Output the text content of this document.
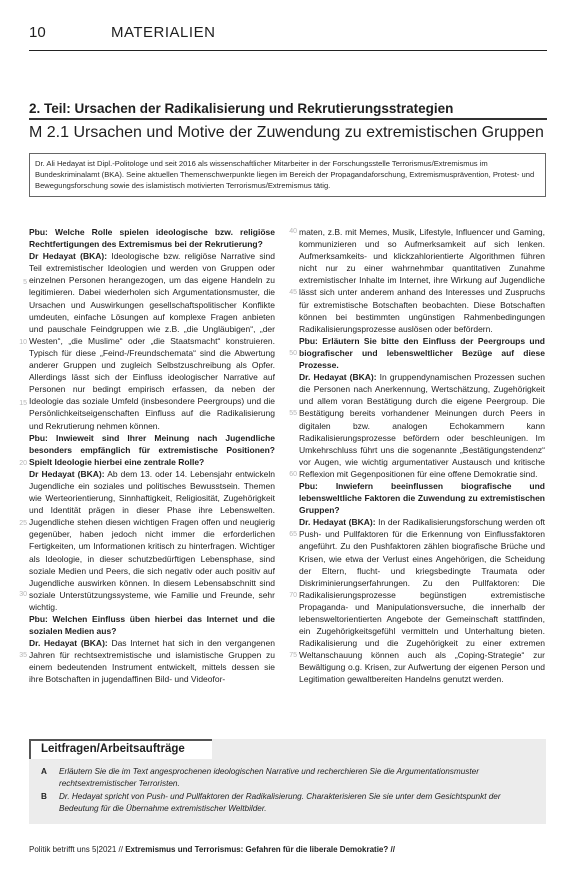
10	MATERIALIEN
2. Teil: Ursachen der Radikalisierung und Rekrutierungsstrategien
M 2.1 Ursachen und Motive der Zuwendung zu extremistischen Gruppen
Dr. Ali Hedayat ist Dipl.-Politologe und seit 2016 als wissenschaftlicher Mitarbeiter in der Forschungsstelle Terrorismus/Extremismus im Bundeskriminalamt (BKA). Seine aktuellen Themenschwerpunkte liegen im Bereich der Propagandaforschung, Extremismusprävention, Protest- und Bewegungsforschung sowie des islamistisch motivierten Terrorismus/Extremismus tätig.

Pbu: Welche Rolle spielen ideologische bzw. religiöse Rechtfertigungen des Extremismus bei der Rekrutierung?

Dr Hedayat (BKA): Ideologische bzw. religiöse Narrative sind Teil extremistischer Ideologien und werden von Gruppen oder einzelnen Personen herangezogen, um das eigene Handeln zu legitimieren. Dabei wiederholen sich Argumentationsmuster, die Ursachen und Auswirkungen gesellschaftspolitischer Konflikte umdeuten, einfache Lösungen auf komplexe Fragen anbieten und pauschale Feindgruppen wie z.B. „die Ungläubigen“, „der Westen“, „die Muslime“ oder „die Staatsmacht“ konstruieren. Typisch für diese „Feind-/Freundschemata“ sind die Abwertung anderer Gruppen und zugleich Selbstzuschreibung als Opfer. Allerdings lässt sich der Einfluss ideologischer Narrative auf Personen nur bedingt empirisch erfassen, da neben der Ideologie das soziale Umfeld (insbesondere Peergroups) und die Persönlichkeitseigenschaften Einfluss auf die Radikalisierung und Rekrutierung nehmen können.

Pbu: Inwieweit sind Ihrer Meinung nach Jugendliche besonders empfänglich für extremistische Positionen? Spielt Ideologie hierbei eine zentrale Rolle?

Dr Hedayat (BKA): Ab dem 13. oder 14. Lebensjahr entwickeln Jugendliche ein soziales und politisches Bewusstsein. Themen wie Werteorientierung, Sinnhaftigkeit, Religiosität, Zugehörigkeit und Identität prägen in dieser Phase ihre Lebenswelten. Jugendliche stehen diesen wichtigen Fragen offen und neugierig gegenüber, haben jedoch nicht immer die erforderlichen Fertigkeiten, um Informationen kritisch zu hinterfragen. Wichtiger als Ideologie, in dieser schutzbedürftigen Lebensphase, sind soziale Medien und Peers, die sich negativ oder auch positiv auf Jugendliche auswirken können. In diesem Lebensabschnitt sind soziale Unterstützungssysteme, wie Familie und Freunde, sehr wichtig.

Pbu: Welchen Einfluss üben hierbei das Internet und die sozialen Medien aus?

Dr. Hedayat (BKA): Das Internet hat sich in den vergangenen Jahren für rechtsextremistische und islamistische Gruppen zu einem bedeutenden Instrument entwickelt, mittels dessen sie ihre Botschaften in jugendaffinen Bild- und Videofor-

maten, z.B. mit Memes, Musik, Lifestyle, Influencer und Gaming, kommunizieren und so Aufmerksamkeit auf sich lenken. Aufmerksamkeits- und klickzahlorientierte Algorithmen führen nicht nur zu einer wahrnehmbar quantitativen Zunahme extremistischer Inhalte im Internet, ihre Wirkung auf Jugendliche lässt sich unter anderem anhand des Interesses und Zuspruchs für extremistische Botschaften beobachten. Diese Botschaften können bei bestimmten ungünstigen Rahmenbedingungen Radikalisierungsprozesse auslösen oder befördern.

Pbu: Erläutern Sie bitte den Einfluss der Peergroups und biografischer und lebensweltlicher Bezüge auf diese Prozesse.

Dr. Hedayat (BKA): In gruppendynamischen Prozessen suchen die Personen nach Anerkennung, Wertschätzung, Zugehörigkeit und allem voran Bestätigung durch die eigene Peergroup. Die Bestätigung bereits vorhandener Meinungen durch Peers in digitalen bzw. analogen Echokammern kann Radikalisierungsprozesse befördern oder beschleunigen. Im Umkehrschluss führt uns die sogenannte „Bestätigungstendenz“ vor Augen, wie wichtig argumentativer Austausch und kritische Reflexion mit Gegenpositionen für eine offene Demokratie sind.

Pbu: Inwiefern beeinflussen biografische und lebensweltliche Faktoren die Zuwendung zu extremistischen Gruppen?

Dr. Hedayat (BKA): In der Radikalisierungsforschung werden oft Push- und Pullfaktoren für die Erkennung von Einflussfaktoren angeführt. Zu den Pushfaktoren zählen biografische Brüche und Krisen, wie etwa der Verlust eines Angehörigen, die Scheidung der Eltern, flucht- und kriegsbedingte Traumata oder Diskriminierungserfahrungen. Zu den Pullfaktoren: Die Radikalisierungsprozesse begünstigen extremistische Propaganda- und Manipulationsversuche, die innerhalb der lebensweltorientierten Angebote der Gemeinschaft stattfinden, ein Zugehörigkeitsgefühl vermitteln und Unterhaltung bieten. Radikalisierung und die Zugehörigkeit zu einer extremen Weltanschauung können auch als „Coping-Strategie“ zur Bewältigung o.g. Krisen, zur Aufwertung der eigenen Person und Legitimation gewaltbereiten Handelns genutzt werden.

5
10
15
20
25
30
35
40
45
50
55
60
65
70
75
Leitfragen/Arbeitsaufträge
A Erläutern Sie die im Text angesprochenen ideologischen Narrative und recherchieren Sie die Argumentationsmuster rechtsextremistischer Terroristen.
B Dr. Hedayat spricht von Push- und Pullfaktoren der Radikalisierung. Charakterisieren Sie sie unter dem Gesichtspunkt der Bedeutung für die Übernahme extremistischer Weltbilder.
Politik betrifft uns 5|2021 // Extremismus und Terrorismus: Gefahren für die liberale Demokratie? //
